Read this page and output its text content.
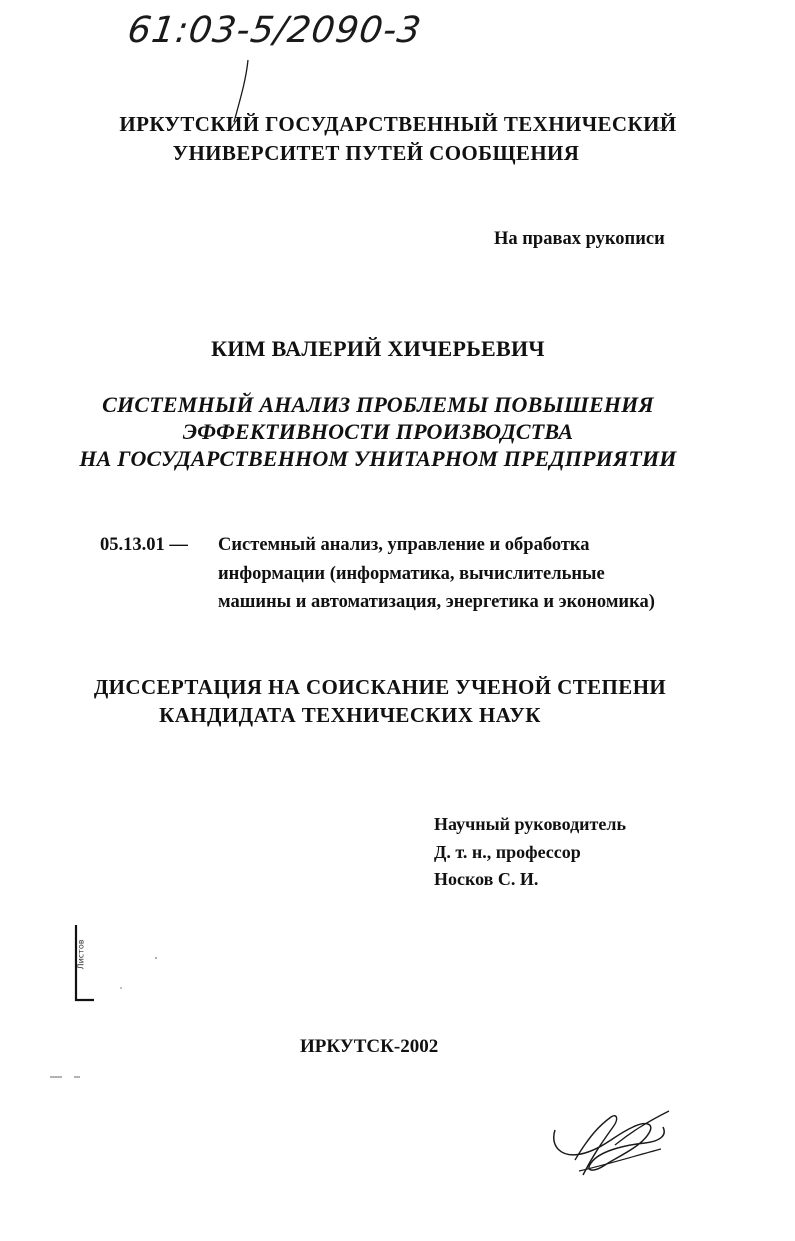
61:03-5/2090-3
ИРКУТСКИЙ ГОСУДАРСТВЕННЫЙ ТЕХНИЧЕСКИЙ
УНИВЕРСИТЕТ ПУТЕЙ СООБЩЕНИЯ
На правах рукописи
КИМ ВАЛЕРИЙ ХИЧЕРЬЕВИЧ
СИСТЕМНЫЙ АНАЛИЗ ПРОБЛЕМЫ ПОВЫШЕНИЯ
ЭФФЕКТИВНОСТИ ПРОИЗВОДСТВА
НА ГОСУДАРСТВЕННОМ УНИТАРНОМ ПРЕДПРИЯТИИ
05.13.01 — Системный анализ, управление и обработка
информации (информатика, вычислительные
машины и автоматизация, энергетика и экономика)
ДИССЕРТАЦИЯ НА СОИСКАНИЕ УЧЕНОЙ СТЕПЕНИ
КАНДИДАТА ТЕХНИЧЕСКИХ НАУК
Научный руководитель
Д. т. н., профессор
Носков С. И.
Листов
ИРКУТСК-2002
